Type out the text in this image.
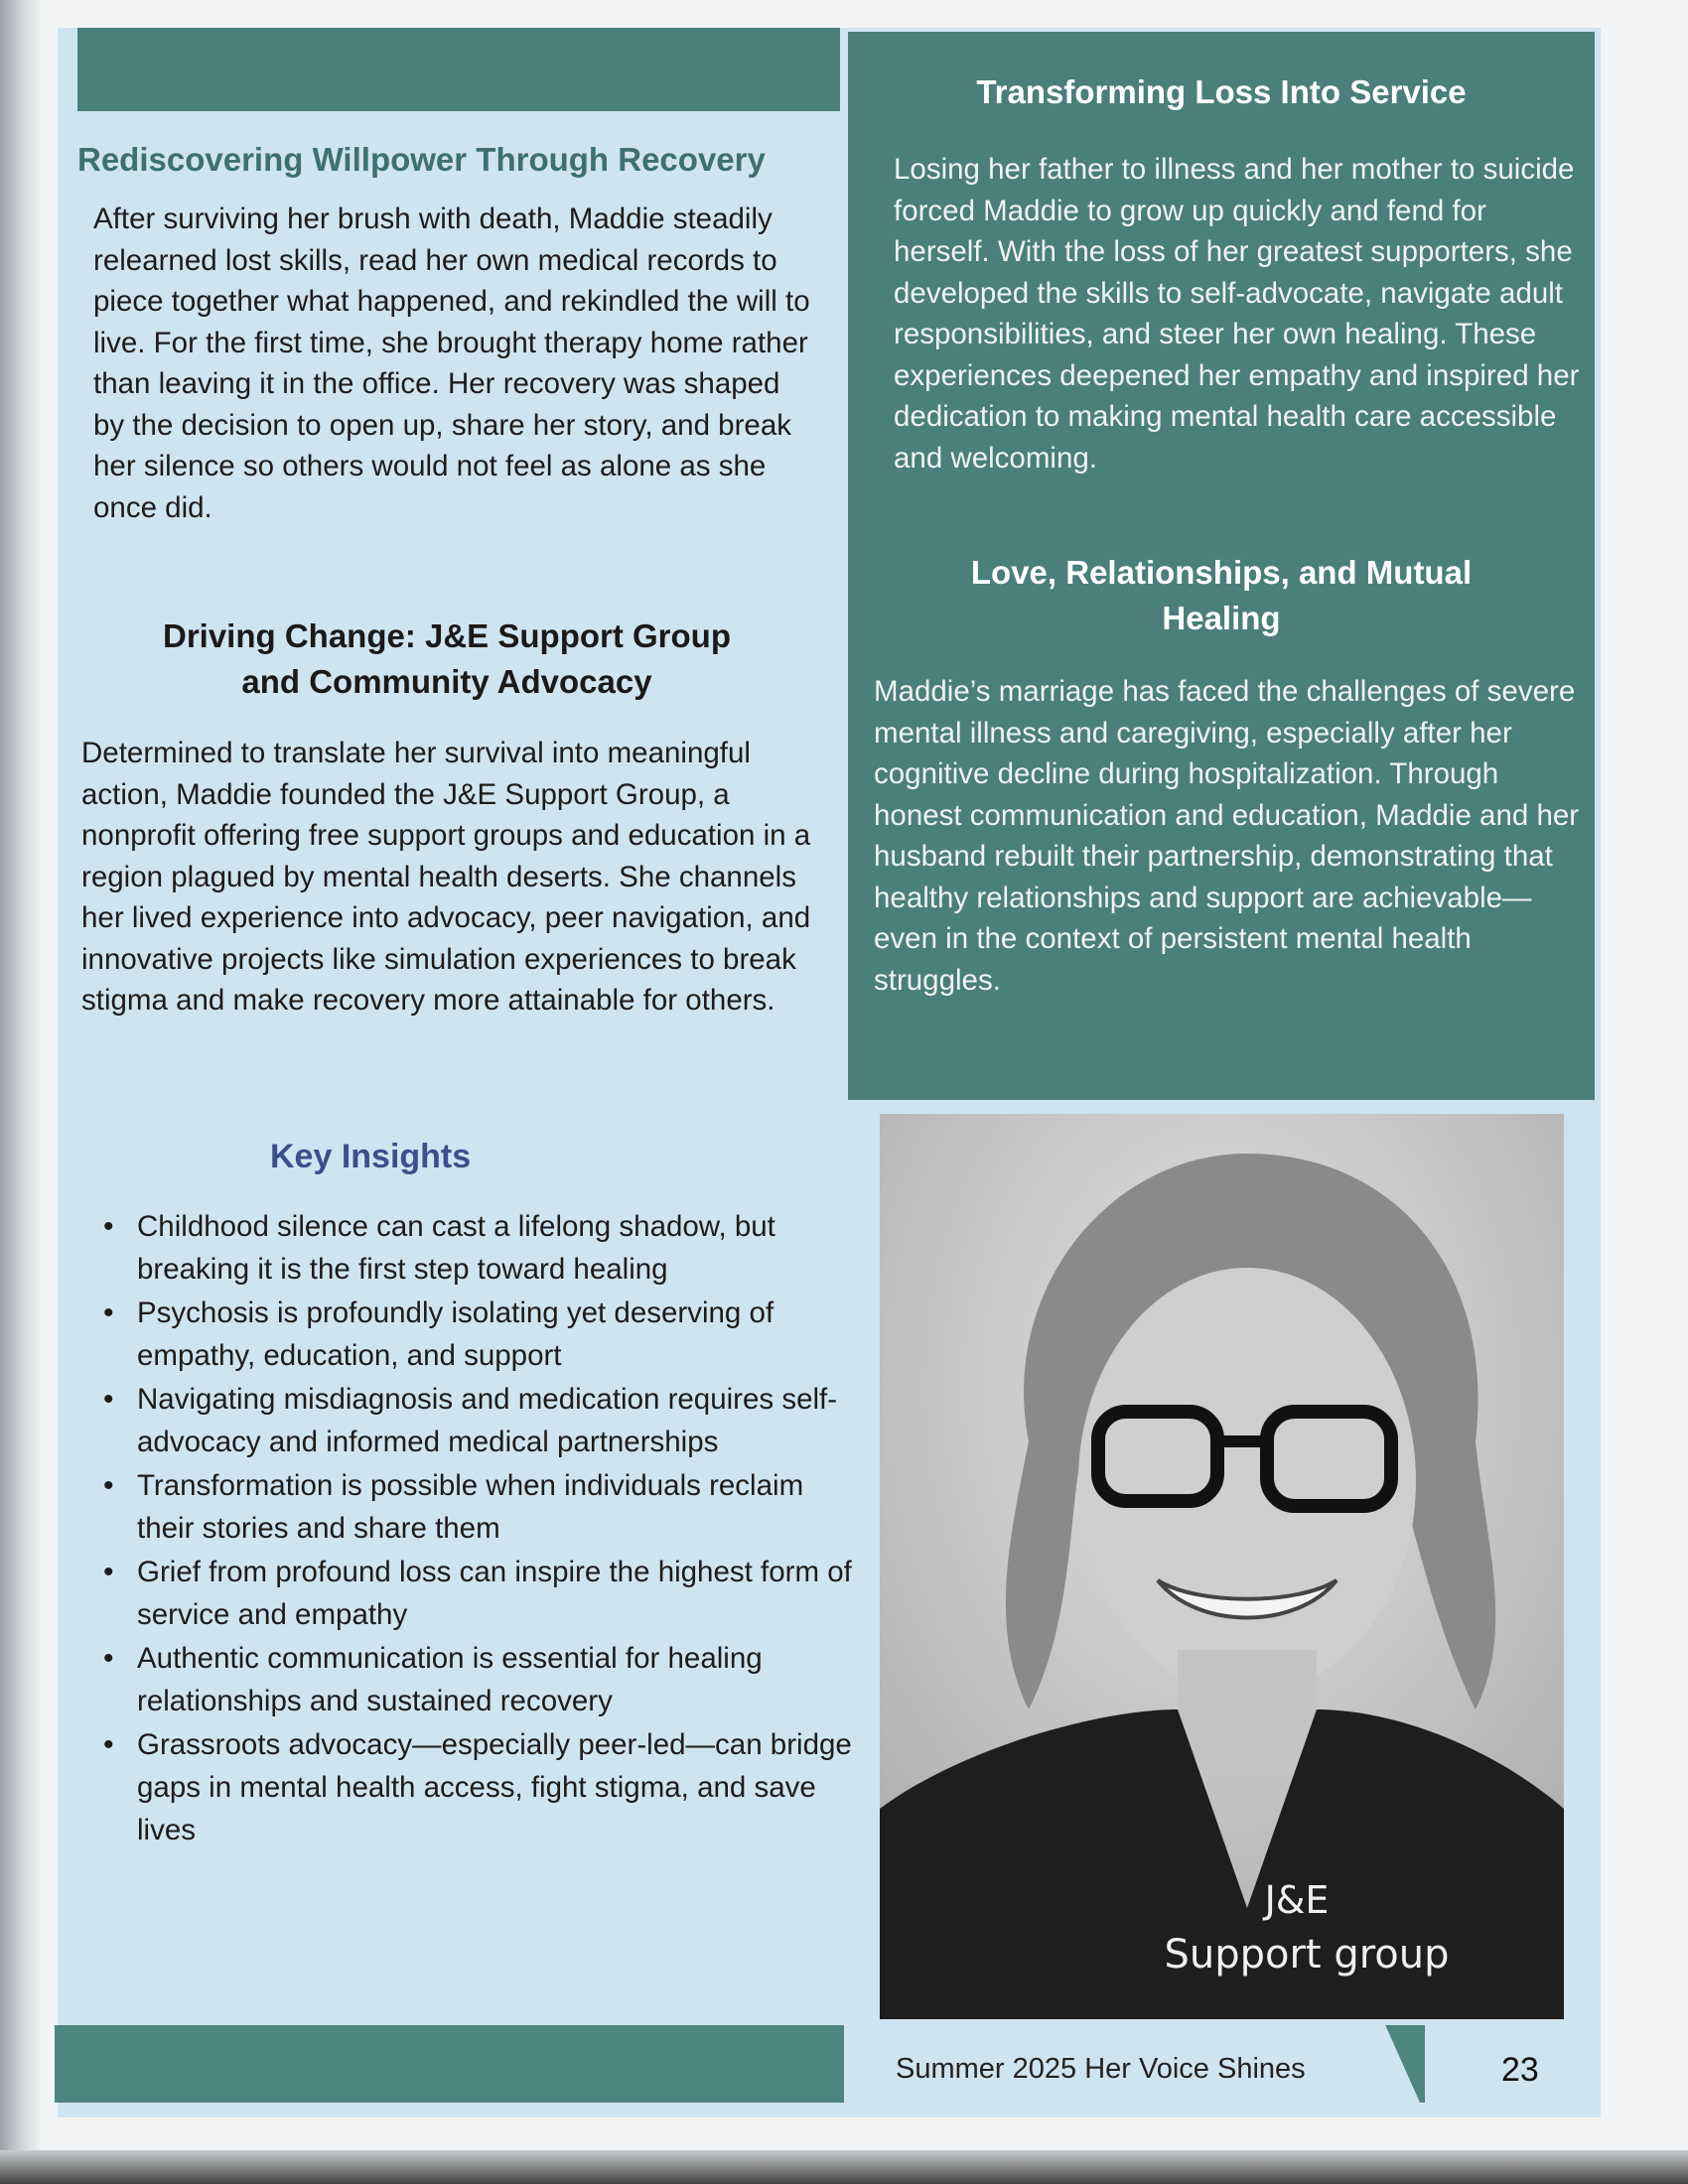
Rediscovering Willpower Through Recovery

After surviving her brush with death, Maddie steadily relearned lost skills, read her own medical records to piece together what happened, and rekindled the will to live. For the first time, she brought therapy home rather than leaving it in the office. Her recovery was shaped by the decision to open up, share her story, and break her silence so others would not feel as alone as she once did.

Driving Change: J&E Support Group
and Community Advocacy

Determined to translate her survival into meaningful action, Maddie founded the J&E Support Group, a nonprofit offering free support groups and education in a region plagued by mental health deserts. She channels her lived experience into advocacy, peer navigation, and innovative projects like simulation experiences to break stigma and make recovery more attainable for others.

Key Insights
• Childhood silence can cast a lifelong shadow, but breaking it is the first step toward healing
• Psychosis is profoundly isolating yet deserving of empathy, education, and support
• Navigating misdiagnosis and medication requires self-advocacy and informed medical partnerships
• Transformation is possible when individuals reclaim their stories and share them
• Grief from profound loss can inspire the highest form of service and empathy
• Authentic communication is essential for healing relationships and sustained recovery
• Grassroots advocacy—especially peer-led—can bridge gaps in mental health access, fight stigma, and save lives
Transforming Loss Into Service

Losing her father to illness and her mother to suicide forced Maddie to grow up quickly and fend for herself. With the loss of her greatest supporters, she developed the skills to self-advocate, navigate adult responsibilities, and steer her own healing. These experiences deepened her empathy and inspired her dedication to making mental health care accessible and welcoming.

Love, Relationships, and Mutual
Healing

Maddie’s marriage has faced the challenges of severe mental illness and caregiving, especially after her cognitive decline during hospitalization. Through honest communication and education, Maddie and her husband rebuilt their partnership, demonstrating that healthy relationships and support are achievable—even in the context of persistent mental health struggles.

J&E
Support group
Summer 2025 Her Voice Shines	23
